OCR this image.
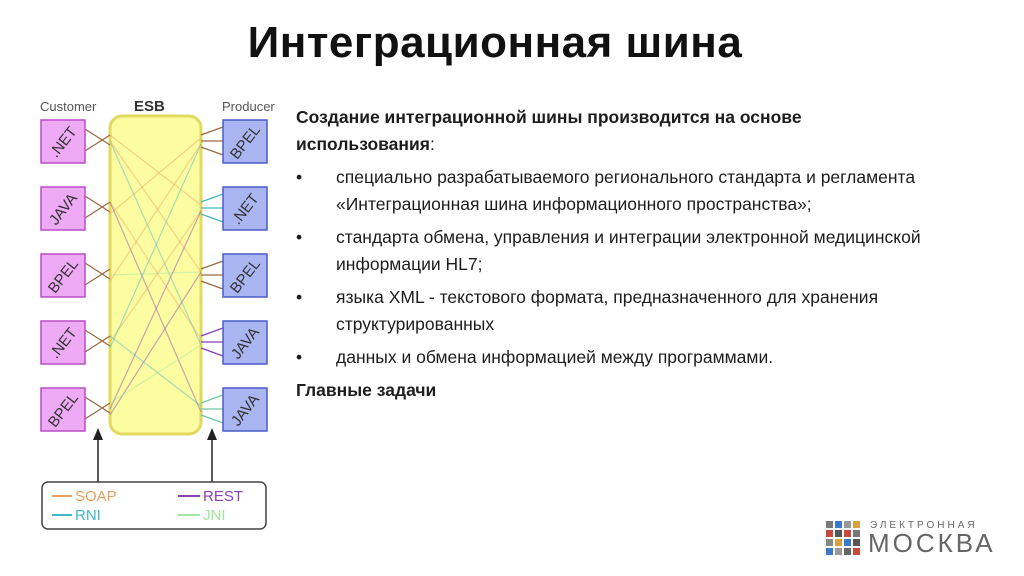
Интеграционная шина
Customer	Producer
ESB
.NET
JAVA
BPEL
.NET
BPEL
BPEL
.NET
BPEL
JAVA
JAVA
SOAP	REST
RNI	JNI
Создание интеграционной шины производится на основе использования:
• специально разрабатываемого регионального стандарта и регламента «Интеграционная шина информационного пространства»;
• стандарта обмена, управления и интеграции электронной медицинской информации HL7;
• языка XML - текстового формата, предназначенного для хранения структурированных
• данных и обмена информацией между программами.
Главные задачи
ЭЛЕКТРОННАЯ
МОСКВА
